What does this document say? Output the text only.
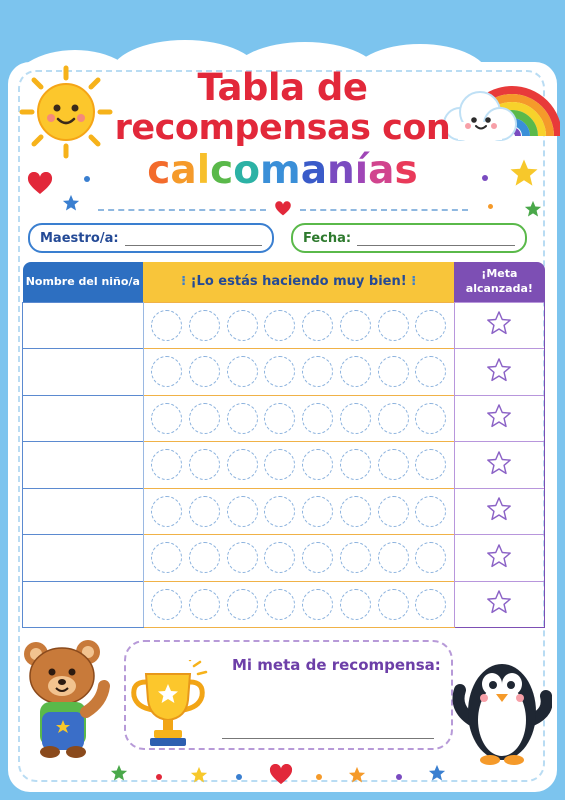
Tabla de
recompensas con
calcomanías
Maestro/a:	Fecha:
Nombre del niño/a	⁝ ¡Lo estás haciendo muy bien! ⁝	¡Meta
alcanzada!

Mi meta de recompensa:
